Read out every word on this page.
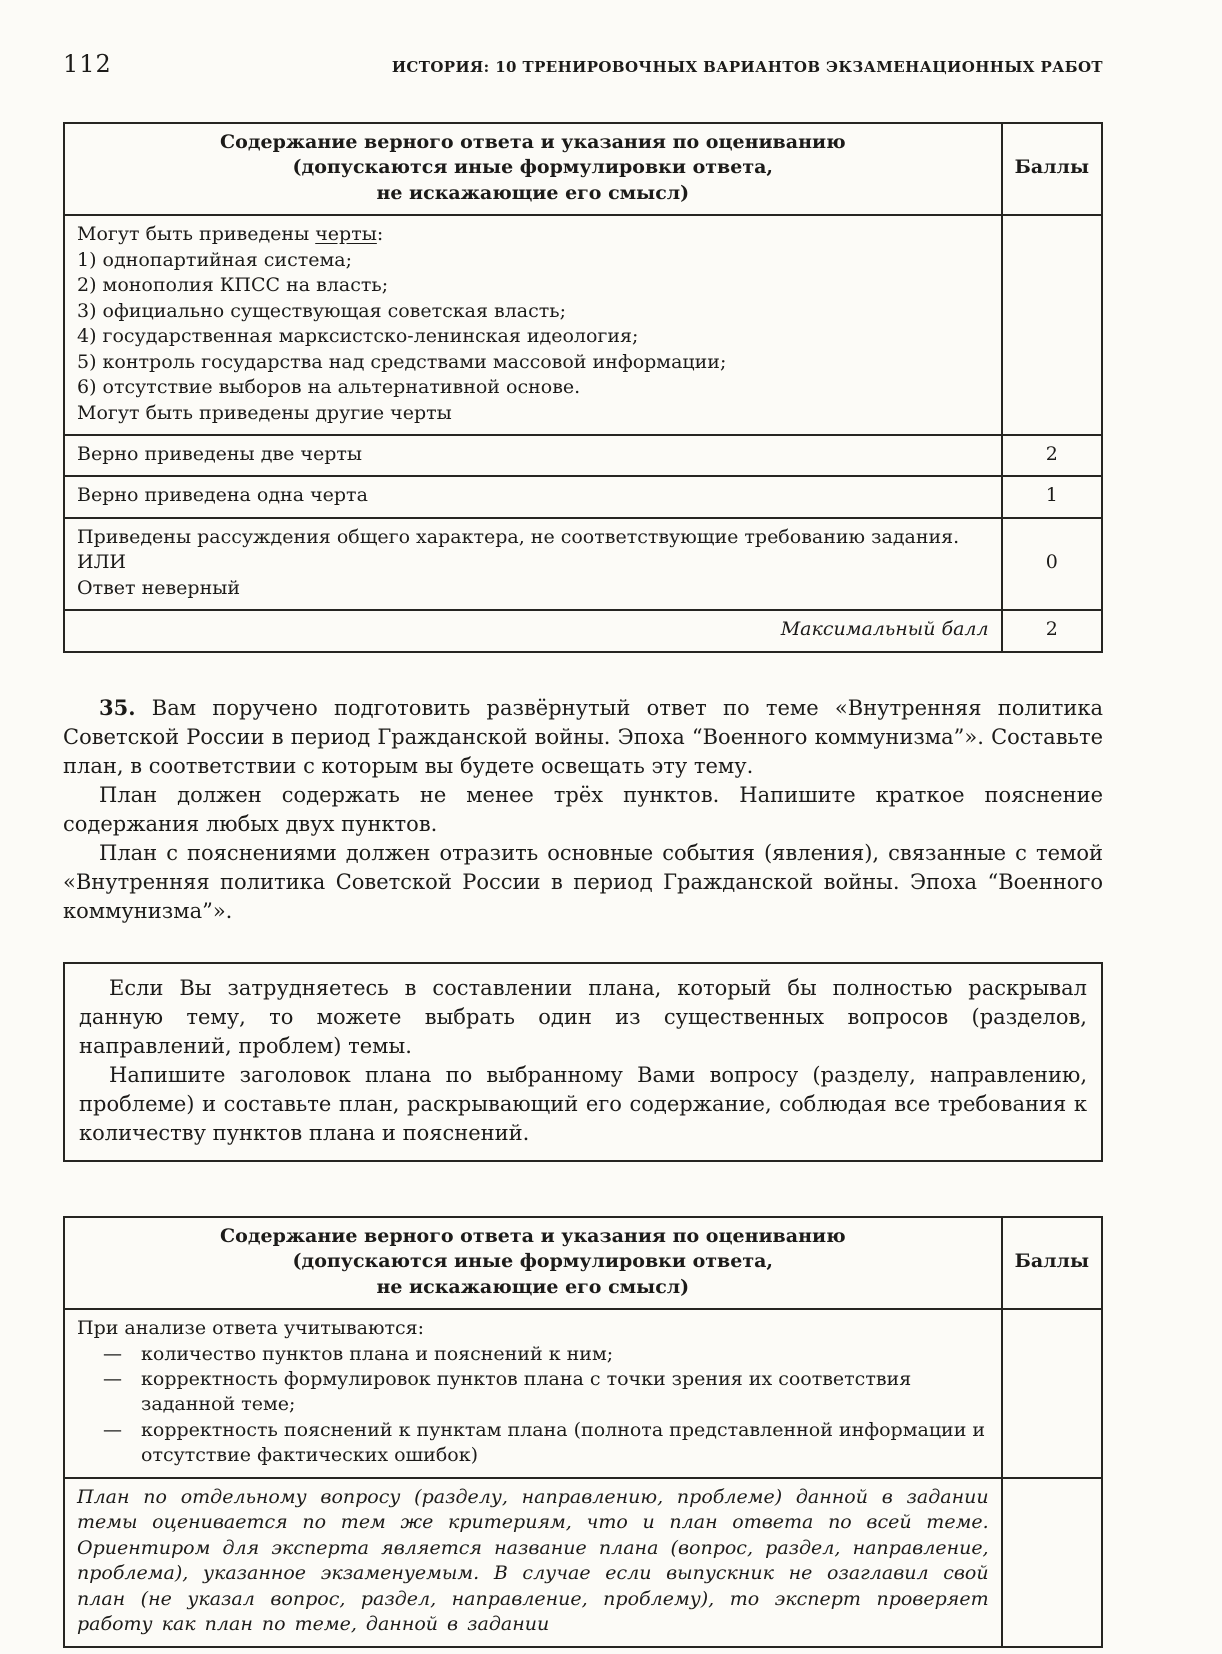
112	ИСТОРИЯ: 10 ТРЕНИРОВОЧНЫХ ВАРИАНТОВ ЭКЗАМЕНАЦИОННЫХ РАБОТ
Содержание верного ответа и указания по оцениванию
(допускаются иные формулировки ответа,
не искажающие его смысл)	Баллы

Могут быть приведены черты:
1) однопартийная система;
2) монополия КПСС на власть;
3) официально существующая советская власть;
4) государственная марксистско-ленинская идеология;
5) контроль государства над средствами массовой информации;
6) отсутствие выборов на альтернативной основе.
Могут быть приведены другие черты

Верно приведены две черты	2
Верно приведена одна черта	1

Приведены рассуждения общего характера, не соответствующие требованию задания.
ИЛИ
Ответ неверный	0
Максимальный балл	2

35. Вам поручено подготовить развёрнутый ответ по теме «Внутренняя политика Советской России в период Гражданской войны. Эпоха “Военного коммунизма”». Составьте план, в соответствии с которым вы будете освещать эту тему.

План должен содержать не менее трёх пунктов. Напишите краткое пояснение содержания любых двух пунктов.

План с пояснениями должен отразить основные события (явления), связанные с темой «Внутренняя политика Советской России в период Гражданской войны. Эпоха “Военного коммунизма”».

Если Вы затрудняетесь в составлении плана, который бы полностью раскрывал данную тему, то можете выбрать один из существенных вопросов (разделов, направлений, проблем) темы.

Напишите заголовок плана по выбранному Вами вопросу (разделу, направлению, проблеме) и составьте план, раскрывающий его содержание, соблюдая все требования к количеству пунктов плана и пояснений.

Содержание верного ответа и указания по оцениванию
(допускаются иные формулировки ответа,
не искажающие его смысл)	Баллы

При анализе ответа учитываются:
—	количество пунктов плана и пояснений к ним;
—	корректность формулировок пунктов плана с точки зрения их соответствия заданной теме;
—	корректность пояснений к пунктам плана (полнота представленной информации и отсутствие фактических ошибок)

План по отдельному вопросу (разделу, направлению, проблеме) данной в задании темы оценивается по тем же критериям, что и план ответа по всей теме. Ориентиром для эксперта является название плана (вопрос, раздел, направление, проблема), указанное экзаменуемым. В случае если выпускник не озаглавил свой план (не указал вопрос, раздел, направление, проблему), то эксперт проверяет работу как план по теме, данной в задании	
